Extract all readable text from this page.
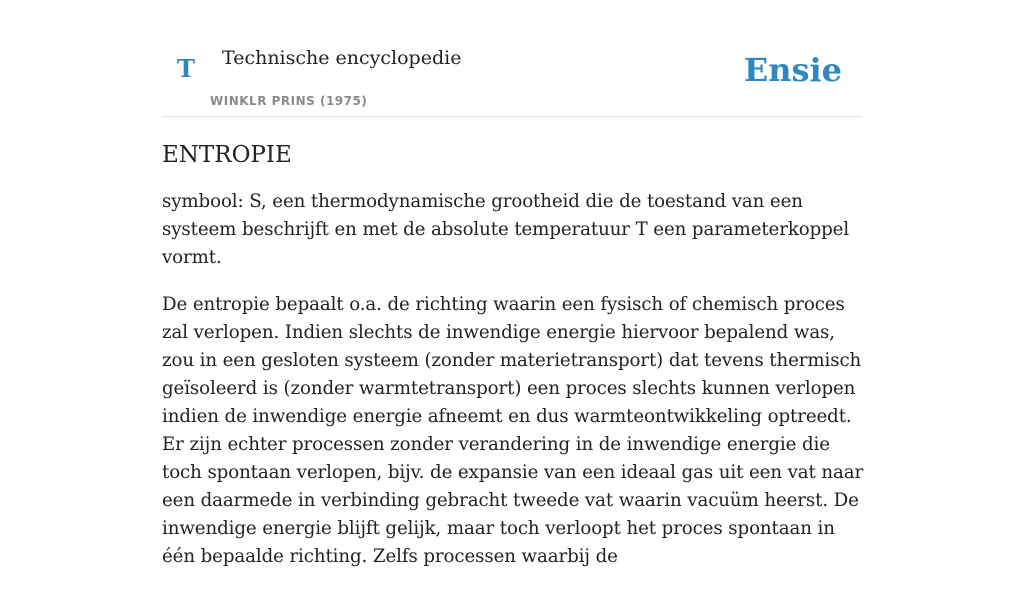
T Technische encyclopedie
WINKLR PRINS (1975)
Ensie
ENTROPIE

symbool: S, een thermodynamische grootheid die de toestand van een systeem beschrijft en met de absolute temperatuur T een parameterkoppel vormt.

De entropie bepaalt o.a. de richting waarin een fysisch of chemisch proces zal verlopen. Indien slechts de inwendige energie hiervoor bepalend was, zou in een gesloten systeem (zonder materietransport) dat tevens thermisch geïsoleerd is (zonder warmtetransport) een proces slechts kunnen verlopen indien de inwendige energie afneemt en dus warmteontwikkeling optreedt. Er zijn echter processen zonder verandering in de inwendige energie die toch spontaan verlopen, bijv. de expansie van een ideaal gas uit een vat naar een daarmede in verbinding gebracht tweede vat waarin vacuüm heerst. De inwendige energie blijft gelijk, maar toch verloopt het proces spontaan in één bepaalde richting. Zelfs processen waarbij de
